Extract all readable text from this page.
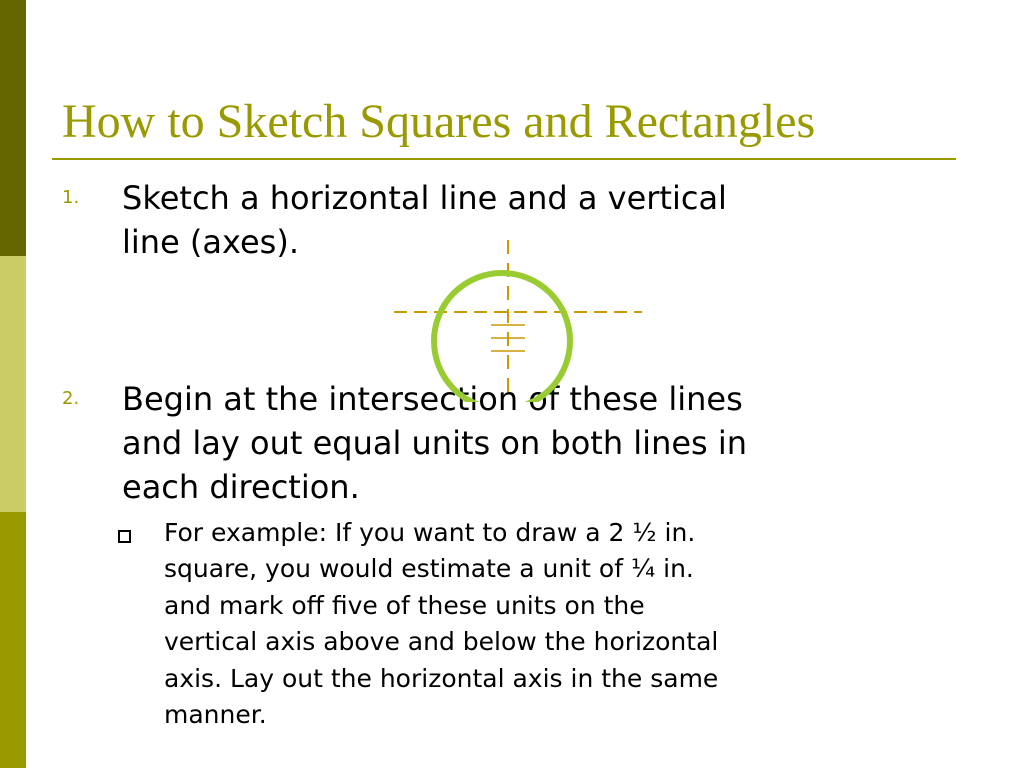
How to Sketch Squares and Rectangles
1. Sketch a horizontal line and a vertical
line (axes).
2. Begin at the intersection of these lines
and lay out equal units on both lines in
each direction.
For example: If you want to draw a 2 ½ in.
square, you would estimate a unit of ¼ in.
and mark off five of these units on the
vertical axis above and below the horizontal
axis. Lay out the horizontal axis in the same
manner.
